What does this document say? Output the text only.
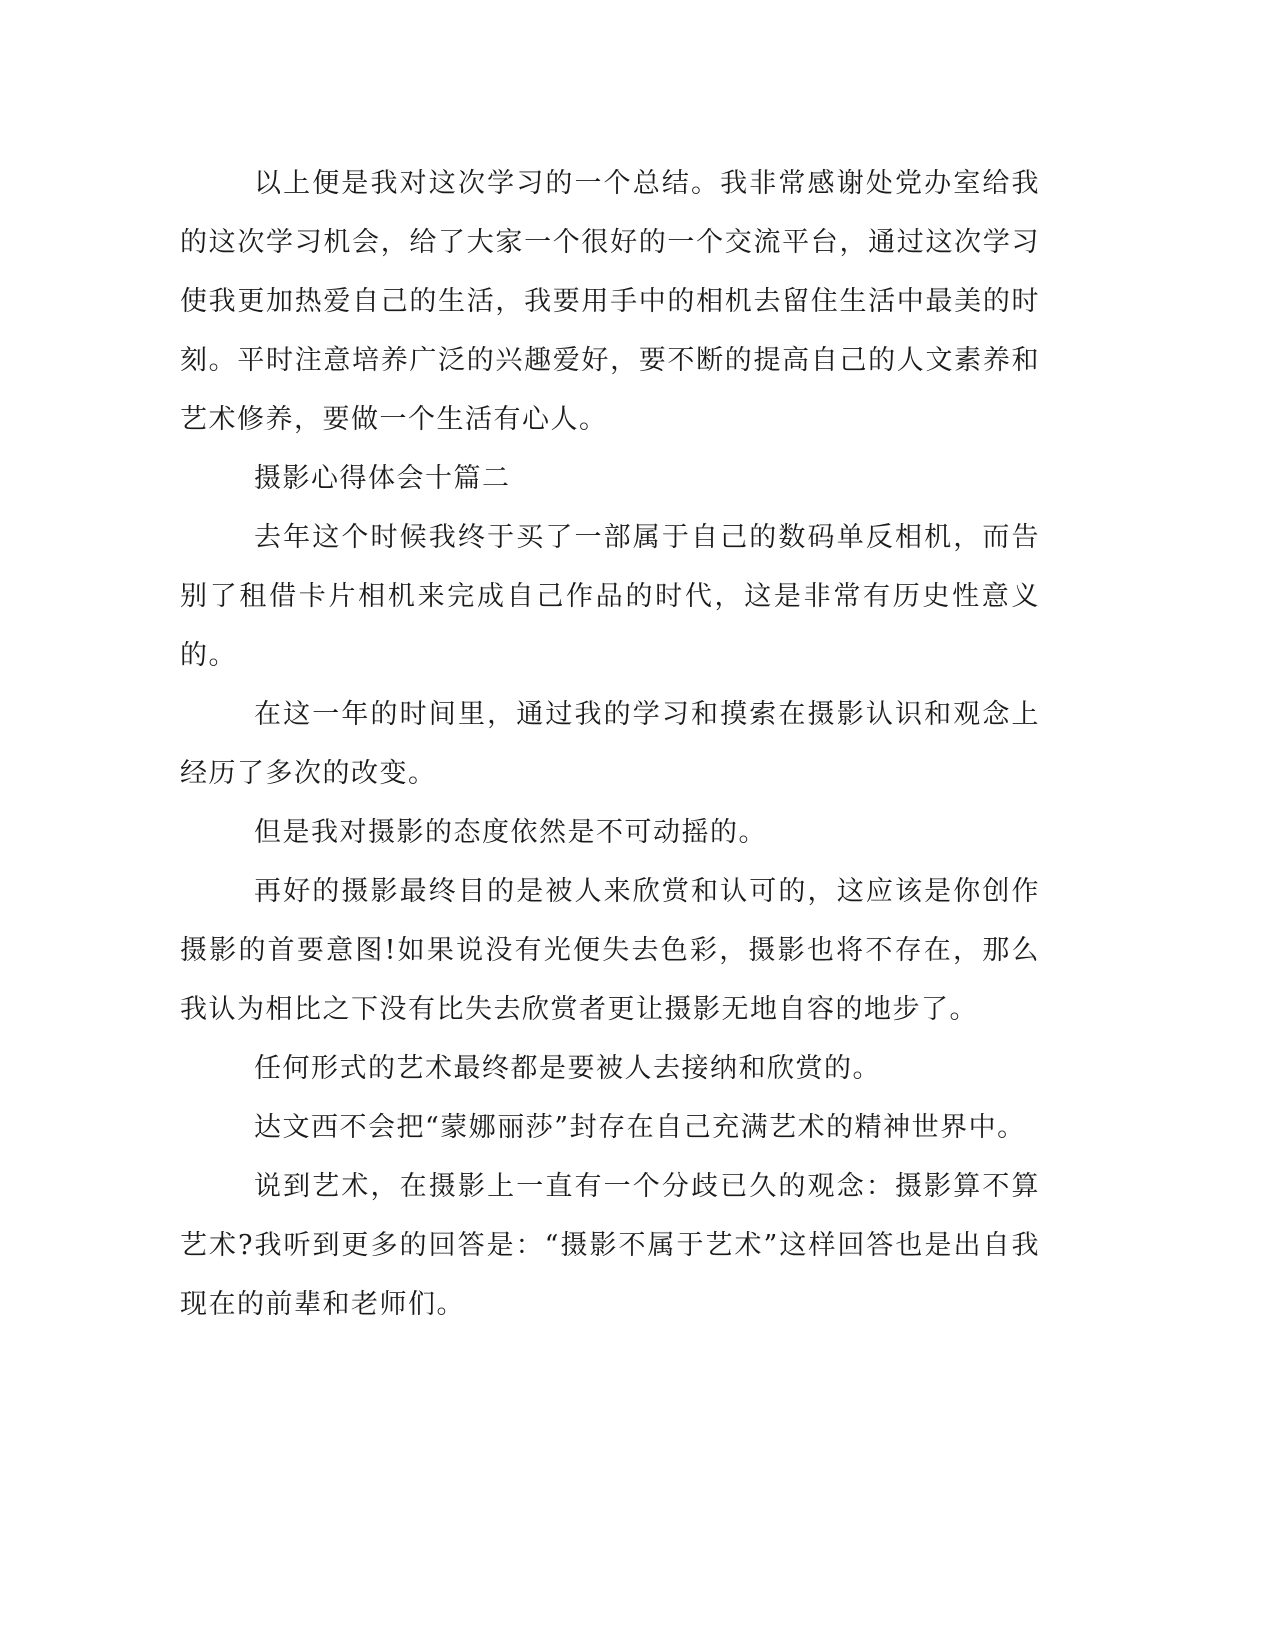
以上便是我对这次学习的一个总结。我非常感谢处党办室给我的这次学习机会，给了大家一个很好的一个交流平台，通过这次学习使我更加热爱自己的生活，我要用手中的相机去留住生活中最美的时刻。平时注意培养广泛的兴趣爱好，要不断的提高自己的人文素养和艺术修养，要做一个生活有心人。

摄影心得体会十篇二

去年这个时候我终于买了一部属于自己的数码单反相机，而告别了租借卡片相机来完成自己作品的时代，这是非常有历史性意义的。

在这一年的时间里，通过我的学习和摸索在摄影认识和观念上经历了多次的改变。

但是我对摄影的态度依然是不可动摇的。

再好的摄影最终目的是被人来欣赏和认可的，这应该是你创作摄影的首要意图!如果说没有光便失去色彩，摄影也将不存在，那么我认为相比之下没有比失去欣赏者更让摄影无地自容的地步了。

任何形式的艺术最终都是要被人去接纳和欣赏的。

达文西不会把“蒙娜丽莎”封存在自己充满艺术的精神世界中。

说到艺术，在摄影上一直有一个分歧已久的观念：摄影算不算艺术?我听到更多的回答是：“摄影不属于艺术”这样回答也是出自我现在的前辈和老师们。
